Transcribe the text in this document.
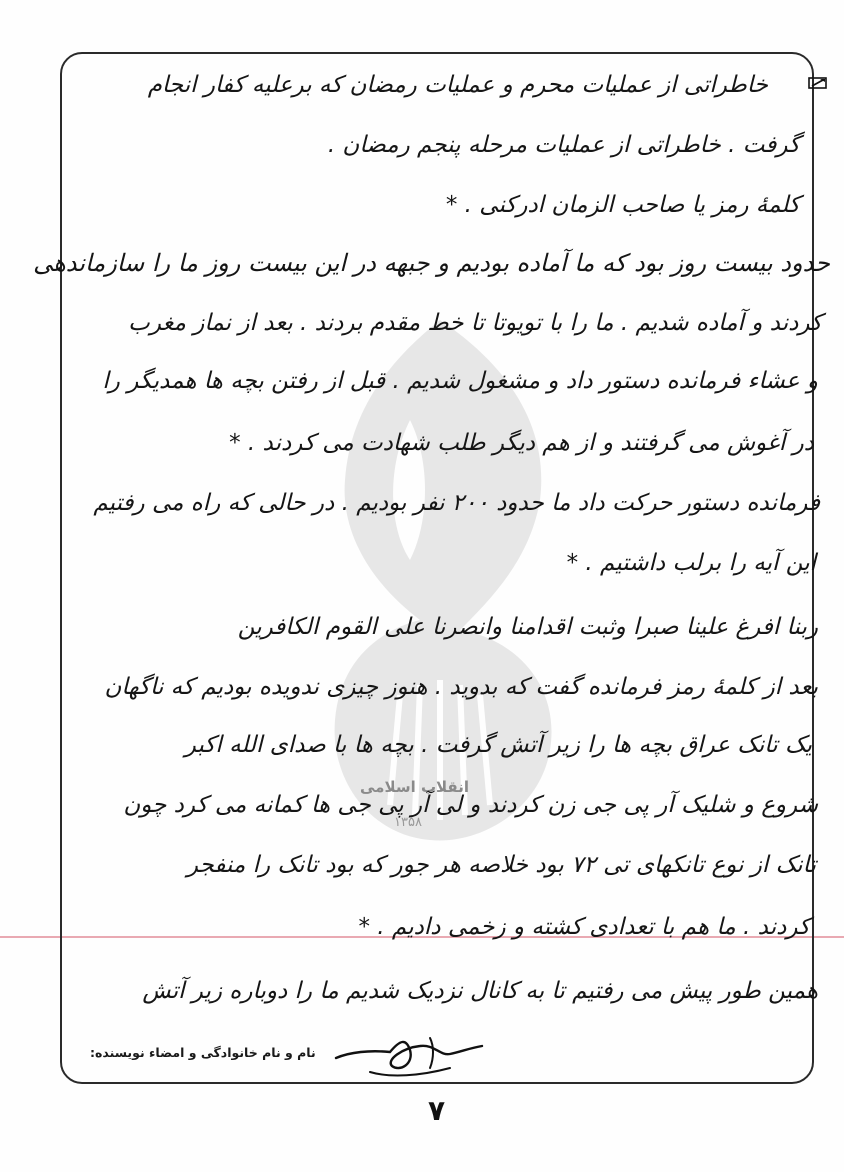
انقلاب اسلامی
۱۳۵۸
خاطراتی از عملیات محرم و عملیات رمضان که برعلیه کفار انجام
گرفت . خاطراتی از عملیات مرحله پنجم رمضان .
کلمهٔ رمز یا صاحب الزمان ادرکنی . *
حدود بیست روز بود که ما آماده بودیم و جبهه در این بیست روز ما را سازماندهی
کردند و آماده شدیم . ما را با تویوتا تا خط مقدم بردند . بعد از نماز مغرب
و عشاء فرمانده دستور داد و مشغول شدیم . قبل از رفتن بچه ها همدیگر را
در آغوش می گرفتند و از هم دیگر طلب شهادت می کردند . *
فرمانده دستور حرکت داد ما حدود ۲۰۰ نفر بودیم . در حالی که راه می رفتیم
این آیه را برلب داشتیم . *
ربنا افرغ علینا صبرا وثبت اقدامنا وانصرنا علی القوم الکافرین
بعد از کلمهٔ رمز فرمانده گفت که بدوید . هنوز چیزی ندویده بودیم که ناگهان
یک تانک عراق بچه ها را زیر آتش گرفت . بچه ها با صدای الله اکبر
شروع و شلیک آر پی جی زن کردند و لی آر پی جی ها کمانه می کرد چون
تانک از نوع تانکهای تی ۷۲ بود خلاصه هر جور که بود تانک را منفجر
کردند . ما هم با تعدادی کشته و زخمی دادیم . *
همین طور پیش می رفتیم تا به کانال نزدیک شدیم ما را دوباره زیر آتش
نام و نام خانوادگی و امضاء نویسنده:
۷
